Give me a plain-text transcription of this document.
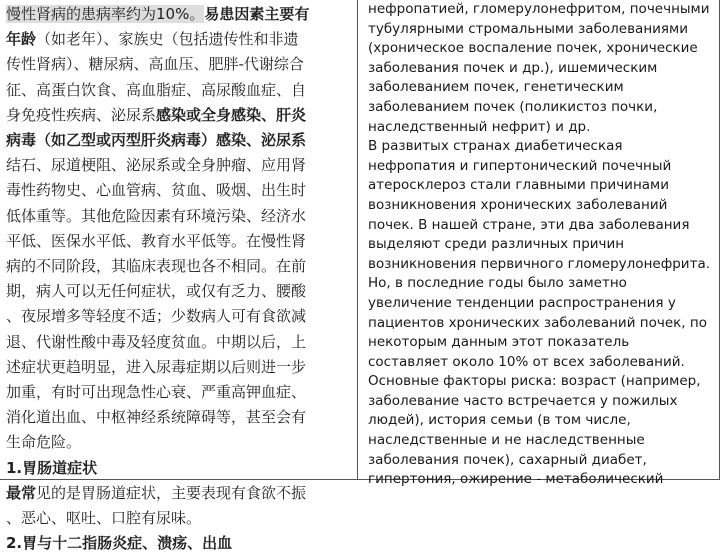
慢性肾病的患病率约为10%。易患因素主要有
年龄（如老年）、家族史（包括遗传性和非遗
传性肾病）、糖尿病、高血压、肥胖-代谢综合
征、高蛋白饮食、高血脂症、高尿酸血症、自
身免疫性疾病、泌尿系感染或全身感染、肝炎
病毒（如乙型或丙型肝炎病毒）感染、泌尿系
结石、尿道梗阻、泌尿系或全身肿瘤、应用肾
毒性药物史、心血管病、贫血、吸烟、出生时
低体重等。其他危险因素有环境污染、经济水
平低、医保水平低、教育水平低等。在慢性肾
病的不同阶段，其临床表现也各不相同。在前
期，病人可以无任何症状，或仅有乏力、腰酸
、夜尿增多等轻度不适；少数病人可有食欲减
退、代谢性酸中毒及轻度贫血。中期以后，上
述症状更趋明显，进入尿毒症期以后则进一步
加重，有时可出现急性心衰、严重高钾血症、
消化道出血、中枢神经系统障碍等，甚至会有
生命危险。
1.胃肠道症状
最常见的是胃肠道症状，主要表现有食欲不振
、恶心、呕吐、口腔有尿味。
2.胃与十二指肠炎症、溃疡、出血

нефропатией, гломерулонефритом, почечными тубулярными стромальными заболеваниями (хроническое воспаление почек, хронические заболевания почек и др.), ишемическим заболеванием почек, генетическим заболеванием почек (поликистоз почки, наследственный нефрит) и др.

В развитых странах диабетическая нефропатия и гипертонический почечный атеросклероз стали главными причинами возникновения хронических заболеваний почек. В нашей стране, эти два заболевания выделяют среди различных причин возникновения первичного гломерулонефрита. Но, в последние годы было заметно увеличение тенденции распространения у пациентов хронических заболеваний почек, по некоторым данным этот показатель составляет около 10% от всех заболеваний. Основные факторы риска: возраст (например, заболевание часто встречается у пожилых людей), история семьи (в том числе, наследственные и не наследственные заболевания почек), сахарный диабет, гипертония, ожирение - метаболический
